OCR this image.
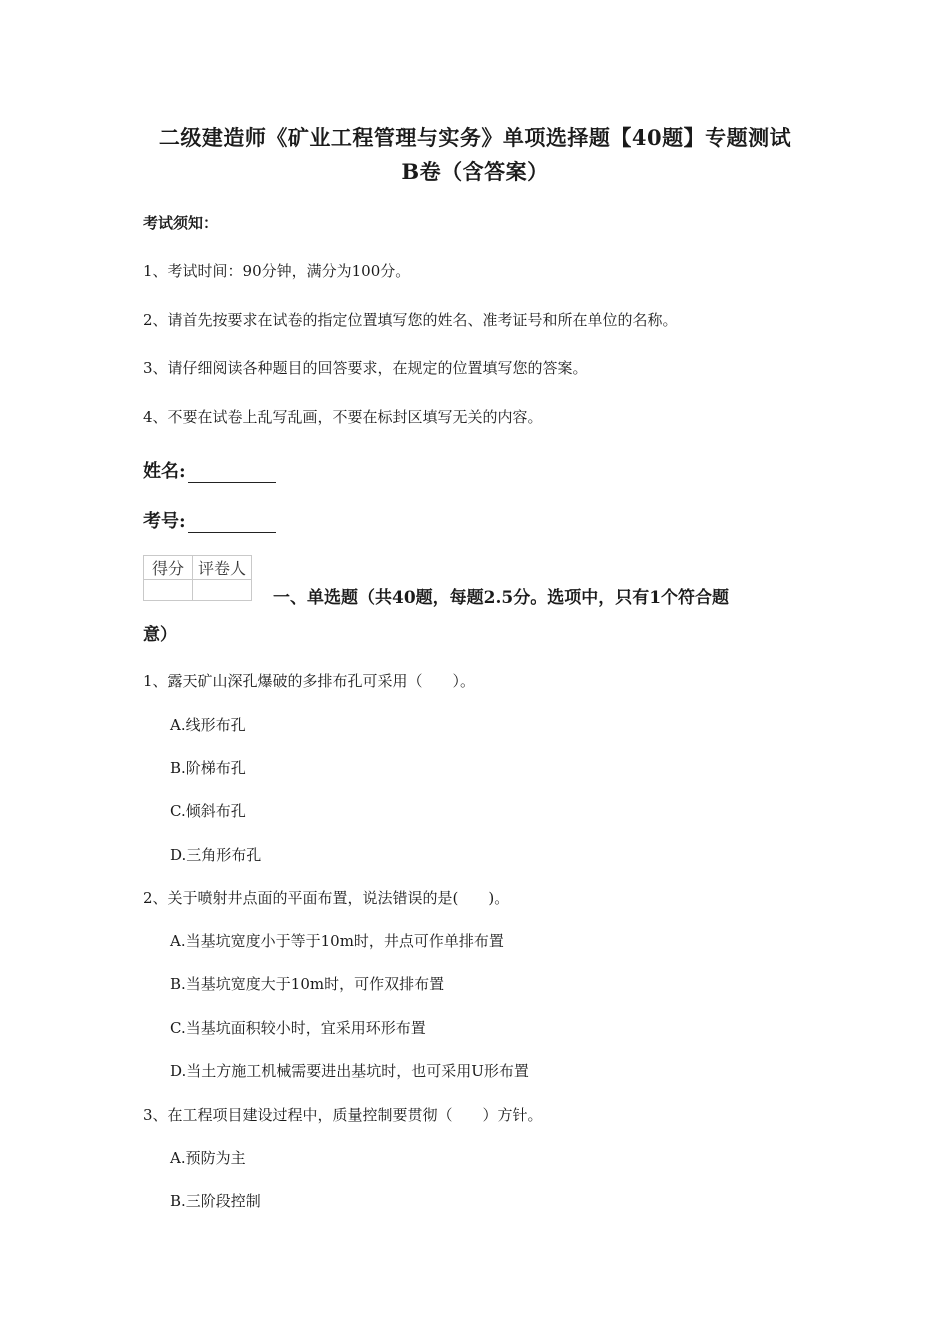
二级建造师《矿业工程管理与实务》单项选择题【40题】专题测试
B卷（含答案）
考试须知：
1、考试时间：90分钟，满分为100分。
2、请首先按要求在试卷的指定位置填写您的姓名、准考证号和所在单位的名称。
3、请仔细阅读各种题目的回答要求，在规定的位置填写您的答案。
4、不要在试卷上乱写乱画，不要在标封区填写无关的内容。
姓名:
考号:
得分	评卷人

一、单选题（共40题，每题2.5分。选项中，只有1个符合题
意）
1、露天矿山深孔爆破的多排布孔可采用（　　）。
A.线形布孔
B.阶梯布孔
C.倾斜布孔
D.三角形布孔
2、关于喷射井点面的平面布置，说法错误的是(　　)。
A.当基坑宽度小于等于10m时，井点可作单排布置
B.当基坑宽度大于10m时，可作双排布置
C.当基坑面积较小时，宜采用环形布置
D.当土方施工机械需要进出基坑时，也可采用U形布置
3、在工程项目建设过程中，质量控制要贯彻（　　）方针。
A.预防为主
B.三阶段控制
